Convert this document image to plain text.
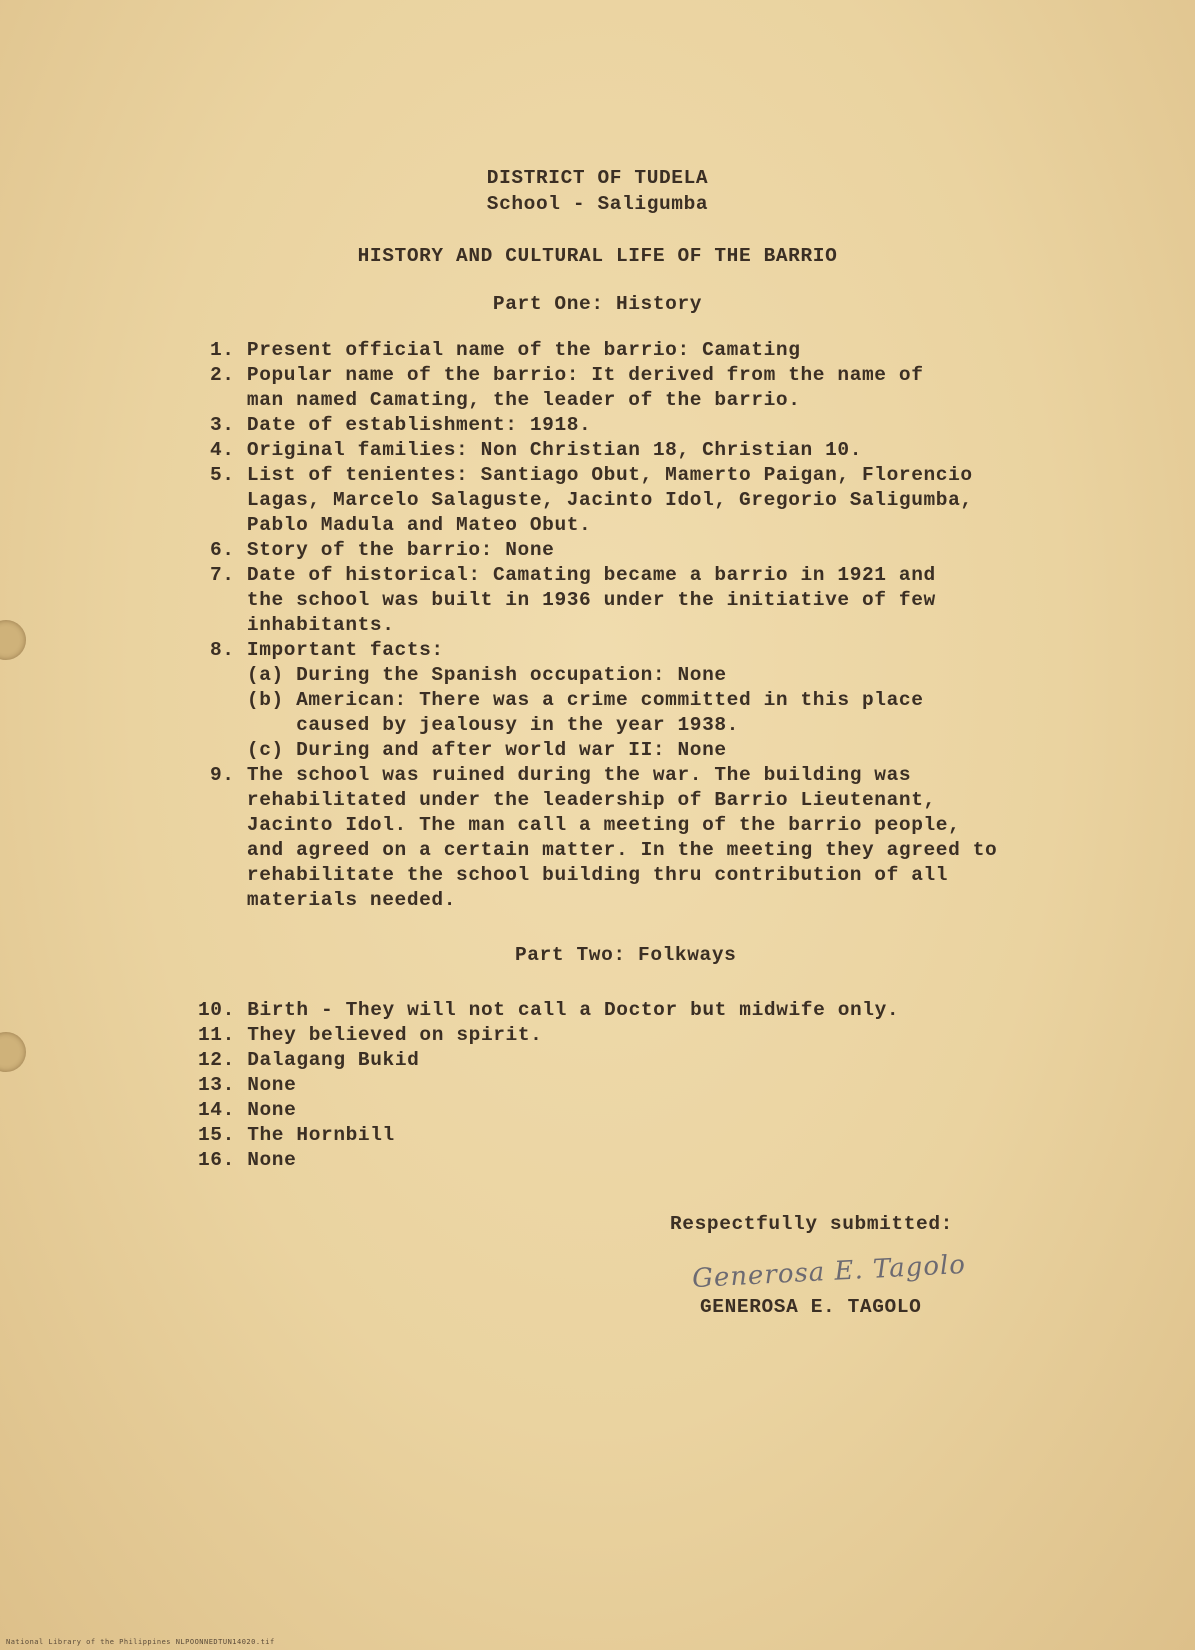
DISTRICT OF TUDELA
School - Saligumba
HISTORY AND CULTURAL LIFE OF THE BARRIO
Part One: History
1. Present official name of the barrio: Camating
2. Popular name of the barrio: It derived from the name of
man named Camating, the leader of the barrio.
3. Date of establishment: 1918.
4. Original families: Non Christian 18, Christian 10.
5. List of tenientes: Santiago Obut, Mamerto Paigan, Florencio
Lagas, Marcelo Salaguste, Jacinto Idol, Gregorio Saligumba,
Pablo Madula and Mateo Obut.
6. Story of the barrio: None
7. Date of historical: Camating became a barrio in 1921 and
the school was built in 1936 under the initiative of few
inhabitants.
8. Important facts:
(a) During the Spanish occupation: None
(b) American: There was a crime committed in this place
caused by jealousy in the year 1938.
(c) During and after world war II: None
9. The school was ruined during the war. The building was
rehabilitated under the leadership of Barrio Lieutenant,
Jacinto Idol. The man call a meeting of the barrio people,
and agreed on a certain matter. In the meeting they agreed to
rehabilitate the school building thru contribution of all
materials needed.
Part Two: Folkways
10. Birth - They will not call a Doctor but midwife only.
11. They believed on spirit.
12. Dalagang Bukid
13. None
14. None
15. The Hornbill
16. None
Respectfully submitted:
Generosa E. Tagolo
GENEROSA E. TAGOLO
National Library of the Philippines NLPOONNEDTUN14020.tif
